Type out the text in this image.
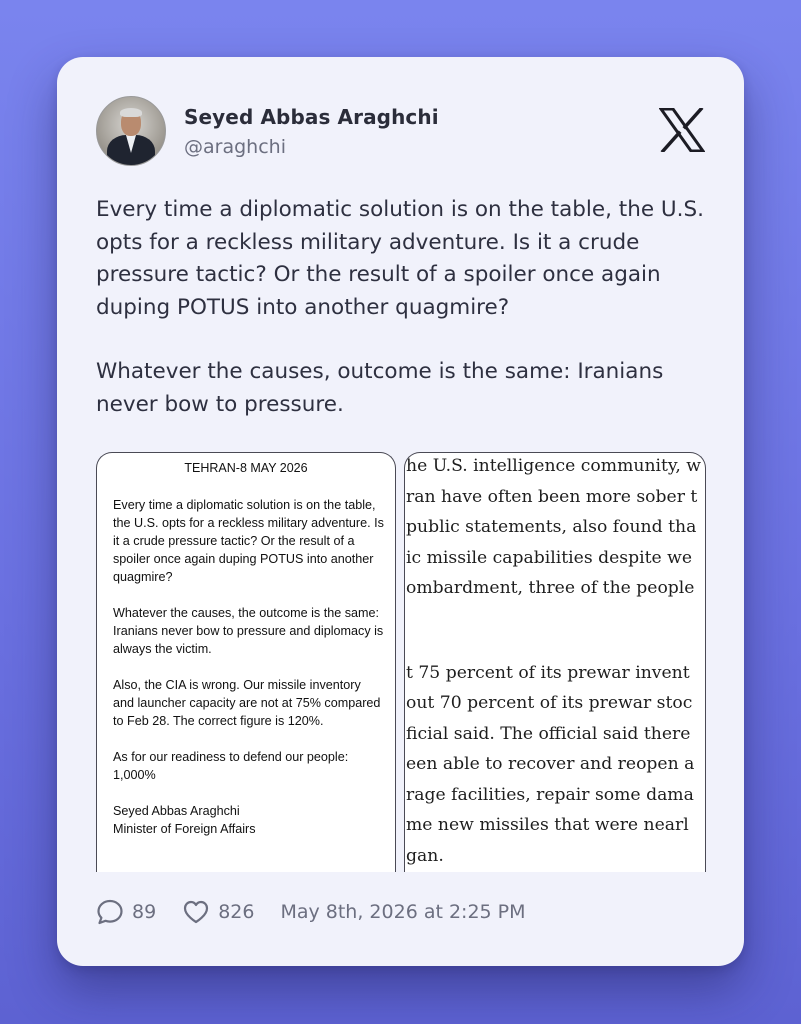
Seyed Abbas Araghchi
@araghchi

Every time a diplomatic solution is on the table, the U.S. opts for a reckless military adventure. Is it a crude pressure tactic? Or the result of a spoiler once again duping POTUS into another quagmire?

Whatever the causes, outcome is the same: Iranians never bow to pressure.

TEHRAN-8 MAY 2026

Every time a diplomatic solution is on the table, the U.S. opts for a reckless military adventure. Is it a crude pressure tactic? Or the result of a spoiler once again duping POTUS into another quagmire?

Whatever the causes, the outcome is the same: Iranians never bow to pressure and diplomacy is always the victim.

Also, the CIA is wrong. Our missile inventory and launcher capacity are not at 75% compared to Feb 28. The correct figure is 120%.

As for our readiness to defend our people: 1,000%

Seyed Abbas Araghchi

Minister of Foreign Affairs

he U.S. intelligence community, w
ran have often been more sober t
public statements, also found tha
ic missile capabilities despite we
ombardment, three of the people
t 75 percent of its prewar invent
out 70 percent of its prewar stoc
ficial said. The official said there
een able to recover and reopen a
rage facilities, repair some dama
me new missiles that were nearl
gan.
89	826 May 8th, 2026 at 2:25 PM
